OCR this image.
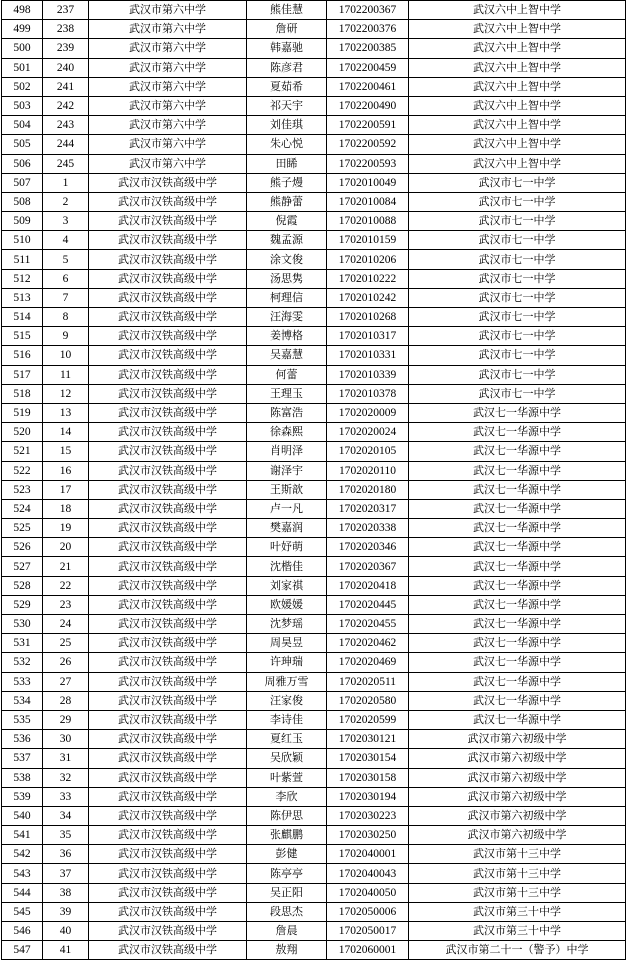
498	237	武汉市第六中学	熊佳慧	1702200367	武汉六中上智中学
499	238	武汉市第六中学	詹研	1702200376	武汉六中上智中学
500	239	武汉市第六中学	韩嘉驰	1702200385	武汉六中上智中学
501	240	武汉市第六中学	陈彦君	1702200459	武汉六中上智中学
502	241	武汉市第六中学	夏茹希	1702200461	武汉六中上智中学
503	242	武汉市第六中学	祁天宇	1702200490	武汉六中上智中学
504	243	武汉市第六中学	刘佳琪	1702200591	武汉六中上智中学
505	244	武汉市第六中学	朱心悦	1702200592	武汉六中上智中学
506	245	武汉市第六中学	田睎	1702200593	武汉六中上智中学
507	1	武汉市汉铁高级中学	熊子熳	1702010049	武汉市七一中学
508	2	武汉市汉铁高级中学	熊静蕾	1702010084	武汉市七一中学
509	3	武汉市汉铁高级中学	倪霞	1702010088	武汉市七一中学
510	4	武汉市汉铁高级中学	魏孟源	1702010159	武汉市七一中学
511	5	武汉市汉铁高级中学	涂文俊	1702010206	武汉市七一中学
512	6	武汉市汉铁高级中学	汤思隽	1702010222	武汉市七一中学
513	7	武汉市汉铁高级中学	柯理信	1702010242	武汉市七一中学
514	8	武汉市汉铁高级中学	汪海雯	1702010268	武汉市七一中学
515	9	武汉市汉铁高级中学	姜博格	1702010317	武汉市七一中学
516	10	武汉市汉铁高级中学	吴嘉慧	1702010331	武汉市七一中学
517	11	武汉市汉铁高级中学	何蕾	1702010339	武汉市七一中学
518	12	武汉市汉铁高级中学	王理玉	1702010378	武汉市七一中学
519	13	武汉市汉铁高级中学	陈富浩	1702020009	武汉七一华源中学
520	14	武汉市汉铁高级中学	徐森熙	1702020024	武汉七一华源中学
521	15	武汉市汉铁高级中学	肖明泽	1702020105	武汉七一华源中学
522	16	武汉市汉铁高级中学	谢泽宇	1702020110	武汉七一华源中学
523	17	武汉市汉铁高级中学	王斯歆	1702020180	武汉七一华源中学
524	18	武汉市汉铁高级中学	卢一凡	1702020317	武汉七一华源中学
525	19	武汉市汉铁高级中学	樊嘉润	1702020338	武汉七一华源中学
526	20	武汉市汉铁高级中学	叶妤萌	1702020346	武汉七一华源中学
527	21	武汉市汉铁高级中学	沈楷佳	1702020367	武汉七一华源中学
528	22	武汉市汉铁高级中学	刘家祺	1702020418	武汉七一华源中学
529	23	武汉市汉铁高级中学	欧媛媛	1702020445	武汉七一华源中学
530	24	武汉市汉铁高级中学	沈梦瑶	1702020455	武汉七一华源中学
531	25	武汉市汉铁高级中学	周昊昱	1702020462	武汉七一华源中学
532	26	武汉市汉铁高级中学	许珅瑞	1702020469	武汉七一华源中学
533	27	武汉市汉铁高级中学	周雅万雪	1702020511	武汉七一华源中学
534	28	武汉市汉铁高级中学	汪家俊	1702020580	武汉七一华源中学
535	29	武汉市汉铁高级中学	李诗佳	1702020599	武汉七一华源中学
536	30	武汉市汉铁高级中学	夏红玉	1702030121	武汉市第六初级中学
537	31	武汉市汉铁高级中学	吴欣颖	1702030154	武汉市第六初级中学
538	32	武汉市汉铁高级中学	叶紫萱	1702030158	武汉市第六初级中学
539	33	武汉市汉铁高级中学	李欣	1702030194	武汉市第六初级中学
540	34	武汉市汉铁高级中学	陈伊思	1702030223	武汉市第六初级中学
541	35	武汉市汉铁高级中学	张麒鹏	1702030250	武汉市第六初级中学
542	36	武汉市汉铁高级中学	彭健	1702040001	武汉市第十三中学
543	37	武汉市汉铁高级中学	陈亭亭	1702040043	武汉市第十三中学
544	38	武汉市汉铁高级中学	吴正阳	1702040050	武汉市第十三中学
545	39	武汉市汉铁高级中学	段思杰	1702050006	武汉市第三十中学
546	40	武汉市汉铁高级中学	詹晨	1702050017	武汉市第三十中学
547	41	武汉市汉铁高级中学	敖翔	1702060001	武汉市第二十一（警予）中学
